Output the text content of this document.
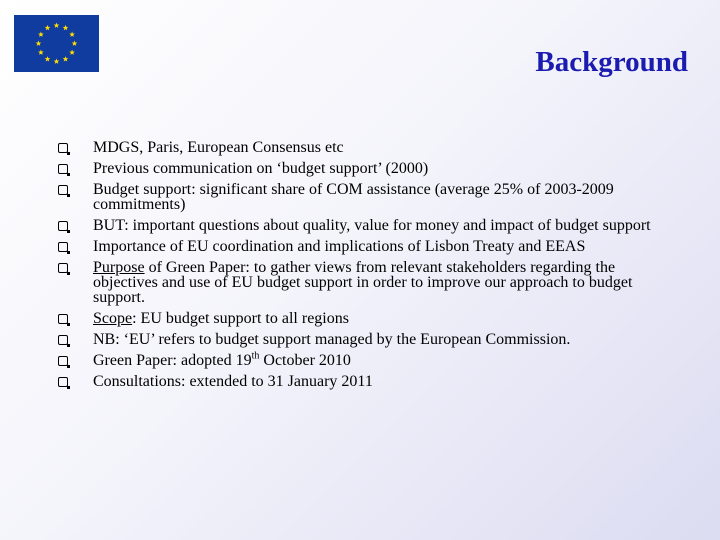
Background
MDGS, Paris, European Consensus etc
Previous communication on ‘budget support’ (2000)
Budget support: significant share of COM assistance (average 25% of 2003-2009 commitments)
BUT: important questions about quality, value for money and impact of budget support
Importance of EU coordination and implications of Lisbon Treaty and EEAS
Purpose of Green Paper: to gather views from relevant stakeholders regarding the objectives and use of EU budget support in order to improve our approach to budget support.
Scope: EU budget support to all regions
NB: ‘EU’ refers to budget support managed by the European Commission.
Green Paper: adopted 19th October 2010
Consultations: extended to 31 January 2011
